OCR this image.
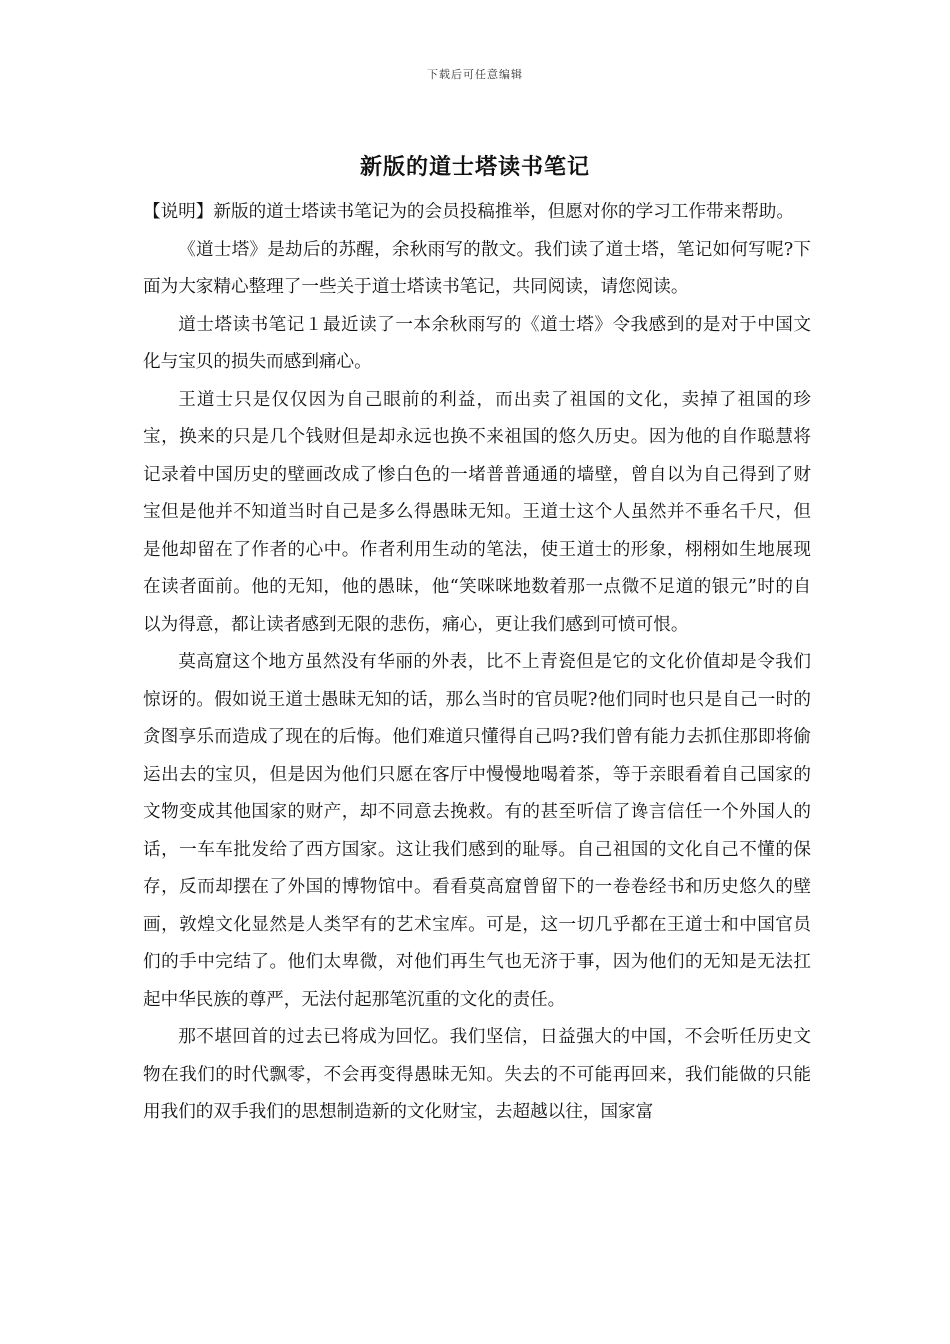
下载后可任意编辑
新版的道士塔读书笔记

【说明】新版的道士塔读书笔记为的会员投稿推举，但愿对你的学习工作带来帮助。

《道士塔》是劫后的苏醒，余秋雨写的散文。我们读了道士塔，笔记如何写呢?下面为大家精心整理了一些关于道士塔读书笔记，共同阅读，请您阅读。

道士塔读书笔记１最近读了一本余秋雨写的《道士塔》令我感到的是对于中国文化与宝贝的损失而感到痛心。

王道士只是仅仅因为自己眼前的利益，而出卖了祖国的文化，卖掉了祖国的珍宝，换来的只是几个钱财但是却永远也换不来祖国的悠久历史。因为他的自作聪慧将记录着中国历史的壁画改成了惨白色的一堵普普通通的墙壁，曾自以为自己得到了财宝但是他并不知道当时自己是多么得愚昧无知。王道士这个人虽然并不垂名千尺，但是他却留在了作者的心中。作者利用生动的笔法，使王道士的形象，栩栩如生地展现在读者面前。他的无知，他的愚昧，他“笑咪咪地数着那一点微不足道的银元”时的自以为得意，都让读者感到无限的悲伤，痛心，更让我们感到可愤可恨。

莫高窟这个地方虽然没有华丽的外表，比不上青瓷但是它的文化价值却是令我们惊讶的。假如说王道士愚昧无知的话，那么当时的官员呢?他们同时也只是自己一时的贪图享乐而造成了现在的后悔。他们难道只懂得自己吗?我们曾有能力去抓住那即将偷运出去的宝贝，但是因为他们只愿在客厅中慢慢地喝着茶，等于亲眼看着自己国家的文物变成其他国家的财产，却不同意去挽救。有的甚至听信了谗言信任一个外国人的话，一车车批发给了西方国家。这让我们感到的耻辱。自己祖国的文化自己不懂的保存，反而却摆在了外国的博物馆中。看看莫高窟曾留下的一卷卷经书和历史悠久的壁画，敦煌文化显然是人类罕有的艺术宝库。可是，这一切几乎都在王道士和中国官员们的手中完结了。他们太卑微，对他们再生气也无济于事，因为他们的无知是无法扛起中华民族的尊严，无法付起那笔沉重的文化的责任。

那不堪回首的过去已将成为回忆。我们坚信，日益强大的中国，不会听任历史文物在我们的时代飘零，不会再变得愚昧无知。失去的不可能再回来，我们能做的只能用我们的双手我们的思想制造新的文化财宝，去超越以往，国家富
